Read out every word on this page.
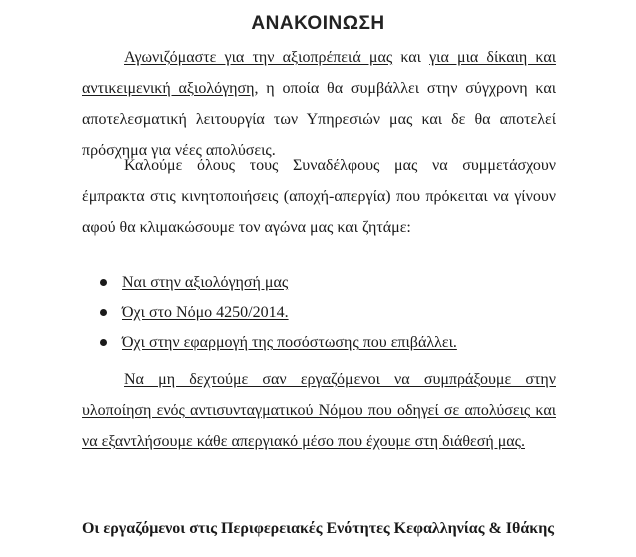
ΑΝΑΚΟΙΝΩΣΗ

Αγωνιζόμαστε για την αξιοπρέπειά μας και για μια δίκαιη και αντικειμενική αξιολόγηση, η οποία θα συμβάλλει στην σύγχρονη και αποτελεσματική λειτουργία των Υπηρεσιών μας και δε θα αποτελεί πρόσχημα για νέες απολύσεις.

Καλούμε όλους τους Συναδέλφους μας να συμμετάσχουν έμπρακτα στις κινητοποιήσεις (αποχή-απεργία) που πρόκειται να γίνουν αφού θα κλιμακώσουμε τον αγώνα μας και ζητάμε:

Ναι στην αξιολόγησή μας
Όχι στο Νόμο 4250/2014.
Όχι στην εφαρμογή της ποσόστωσης που επιβάλλει.

Να μη δεχτούμε σαν εργαζόμενοι να συμπράξουμε στην υλοποίηση ενός αντισυνταγματικού Νόμου που οδηγεί σε απολύσεις και να εξαντλήσουμε κάθε απεργιακό μέσο που έχουμε στη διάθεσή μας.

Οι εργαζόμενοι στις Περιφερειακές Ενότητες Κεφαλληνίας & Ιθάκης
